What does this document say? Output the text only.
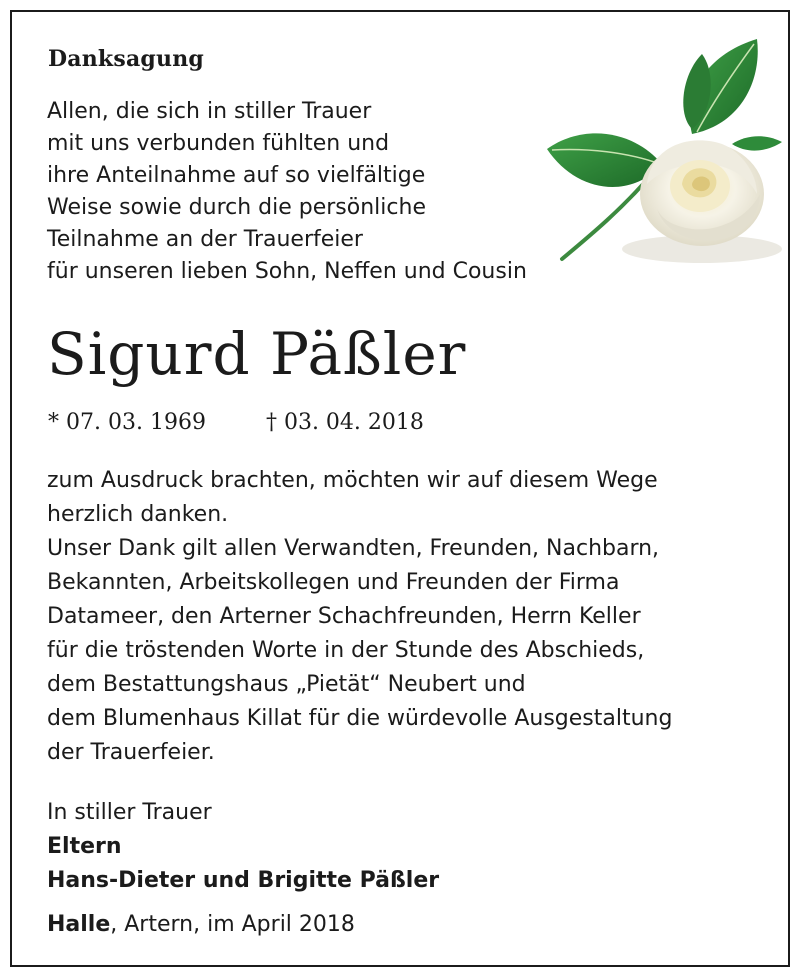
Danksagung
Allen, die sich in stiller Trauer
mit uns verbunden fühlten und
ihre Anteilnahme auf so vielfältige
Weise sowie durch die persönliche
Teilnahme an der Trauerfeier
für unseren lieben Sohn, Neffen und Cousin
Sigurd Päßler
* 07. 03. 1969	† 03. 04. 2018
zum Ausdruck brachten, möchten wir auf diesem Wege
herzlich danken.
Unser Dank gilt allen Verwandten, Freunden, Nachbarn,
Bekannten, Arbeitskollegen und Freunden der Firma
Datameer, den Arterner Schachfreunden, Herrn Keller
für die tröstenden Worte in der Stunde des Abschieds,
dem Bestattungshaus „Pietät“ Neubert und
dem Blumenhaus Killat für die würdevolle Ausgestaltung
der Trauerfeier.
In stiller Trauer
Eltern
Hans-Dieter und Brigitte Päßler
Halle, Artern, im April 2018
